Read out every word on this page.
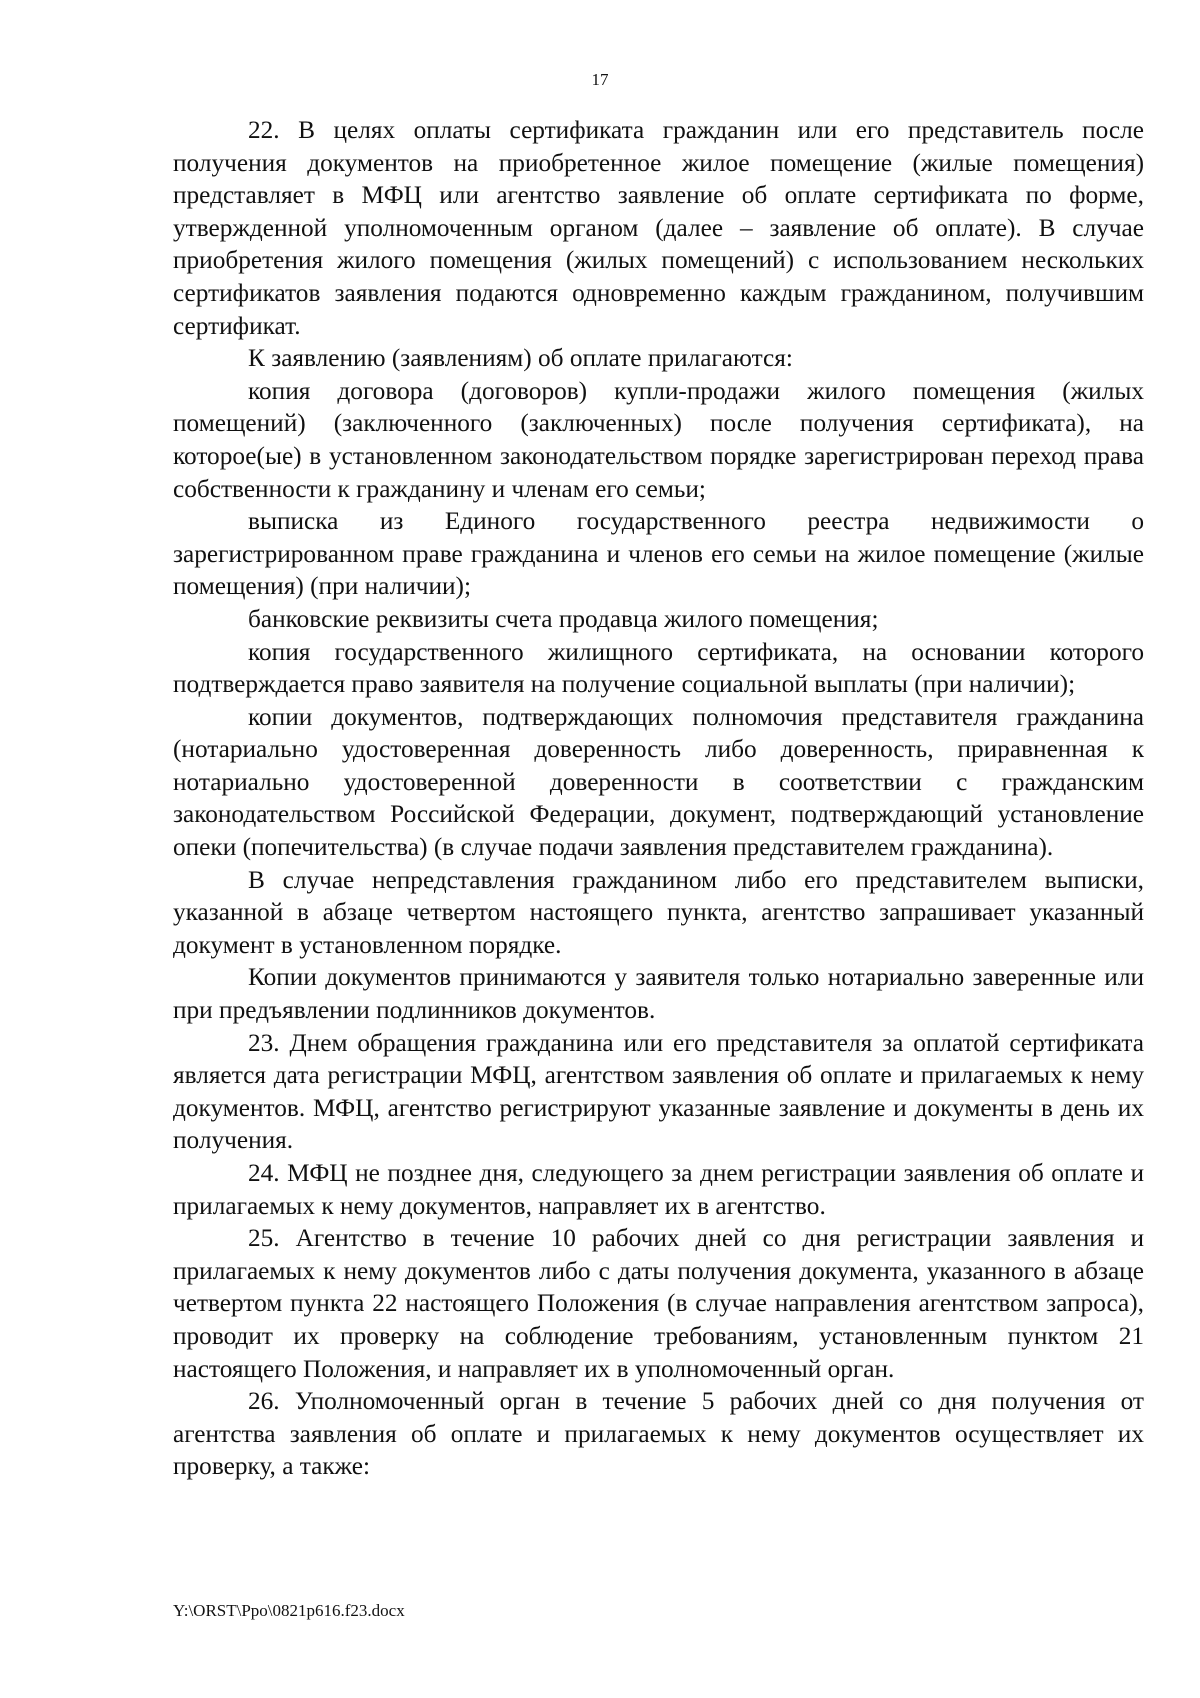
17

22. В целях оплаты сертификата гражданин или его представитель после получения документов на приобретенное жилое помещение (жилые помещения) представляет в МФЦ или агентство заявление об оплате сертификата по форме, утвержденной уполномоченным органом (далее – заявление об оплате). В случае приобретения жилого помещения (жилых помещений) с использованием нескольких сертификатов заявления подаются одновременно каждым гражданином, получившим сертификат.

К заявлению (заявлениям) об оплате прилагаются:

копия договора (договоров) купли-продажи жилого помещения (жилых помещений) (заключенного (заключенных) после получения сертификата), на которое(ые) в установленном законодательством порядке зарегистрирован переход права собственности к гражданину и членам его семьи;

выписка из Единого государственного реестра недвижимости о зарегистрированном праве гражданина и членов его семьи на жилое помещение (жилые помещения) (при наличии);

банковские реквизиты счета продавца жилого помещения;

копия государственного жилищного сертификата, на основании которого подтверждается право заявителя на получение социальной выплаты (при наличии);

копии документов, подтверждающих полномочия представителя гражданина (нотариально удостоверенная доверенность либо доверенность, приравненная к нотариально удостоверенной доверенности в соответствии с гражданским законодательством Российской Федерации, документ, подтверждающий установление опеки (попечительства) (в случае подачи заявления представителем гражданина).

В случае непредставления гражданином либо его представителем выписки, указанной в абзаце четвертом настоящего пункта, агентство запрашивает указанный документ в установленном порядке.

Копии документов принимаются у заявителя только нотариально заверенные или при предъявлении подлинников документов.

23. Днем обращения гражданина или его представителя за оплатой сертификата является дата регистрации МФЦ, агентством заявления об оплате и прилагаемых к нему документов. МФЦ, агентство регистрируют указанные заявление и документы в день их получения.

24. МФЦ не позднее дня, следующего за днем регистрации заявления об оплате и прилагаемых к нему документов, направляет их в агентство.

25. Агентство в течение 10 рабочих дней со дня регистрации заявления и прилагаемых к нему документов либо с даты получения документа, указанного в абзаце четвертом пункта 22 настоящего Положения (в случае направления агентством запроса), проводит их проверку на соблюдение требованиям, установленным пунктом 21 настоящего Положения, и направляет их в уполномоченный орган.

26. Уполномоченный орган в течение 5 рабочих дней со дня получения от агентства заявления об оплате и прилагаемых к нему документов осуществляет их проверку, а также:

Y:\ORST\Ppo\0821p616.f23.docx
